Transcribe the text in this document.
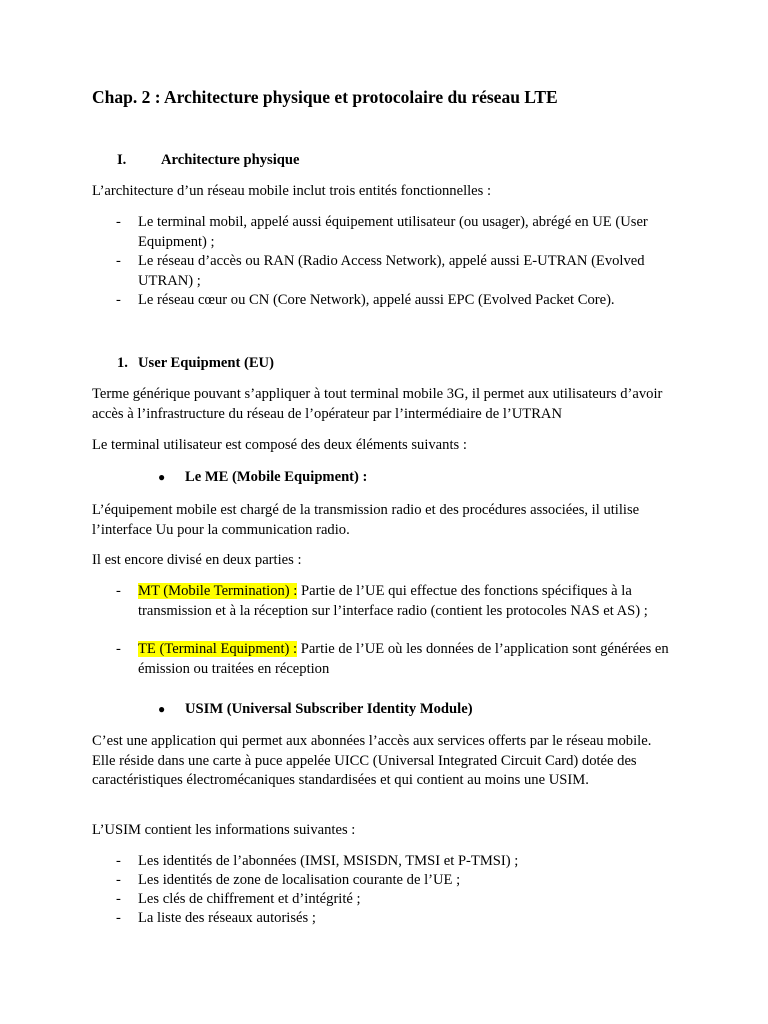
Chap. 2 : Architecture physique et protocolaire du réseau LTE

I. Architecture physique

L’architecture d’un réseau mobile inclut trois entités fonctionnelles :

- Le terminal mobil, appelé aussi équipement utilisateur (ou usager), abrégé en UE (User Equipment) ;
- Le réseau d’accès ou RAN (Radio Access Network), appelé aussi E-UTRAN (Evolved UTRAN) ;
- Le réseau cœur ou CN (Core Network), appelé aussi EPC (Evolved Packet Core).
1. User Equipment (EU)

Terme générique pouvant s’appliquer à tout terminal mobile 3G, il permet aux utilisateurs d’avoir accès à l’infrastructure du réseau de l’opérateur par l’intermédiaire de l’UTRAN

Le terminal utilisateur est composé des deux éléments suivants :

● Le ME (Mobile Equipment) :

L’équipement mobile est chargé de la transmission radio et des procédures associées, il utilise l’interface Uu pour la communication radio.

Il est encore divisé en deux parties :

- MT (Mobile Termination) : Partie de l’UE qui effectue des fonctions spécifiques à la transmission et à la réception sur l’interface radio (contient les protocoles NAS et AS) ;
- TE (Terminal Equipment) : Partie de l’UE où les données de l’application sont générées en émission ou traitées en réception
● USIM (Universal Subscriber Identity Module)

C’est une application qui permet aux abonnées l’accès aux services offerts par le réseau mobile. Elle réside dans une carte à puce appelée UICC (Universal Integrated Circuit Card) dotée des caractéristiques électromécaniques standardisées et qui contient au moins une USIM.

L’USIM contient les informations suivantes :

- Les identités de l’abonnées (IMSI, MSISDN, TMSI et P-TMSI) ;
- Les identités de zone de localisation courante de l’UE ;
- Les clés de chiffrement et d’intégrité ;
- La liste des réseaux autorisés ;
